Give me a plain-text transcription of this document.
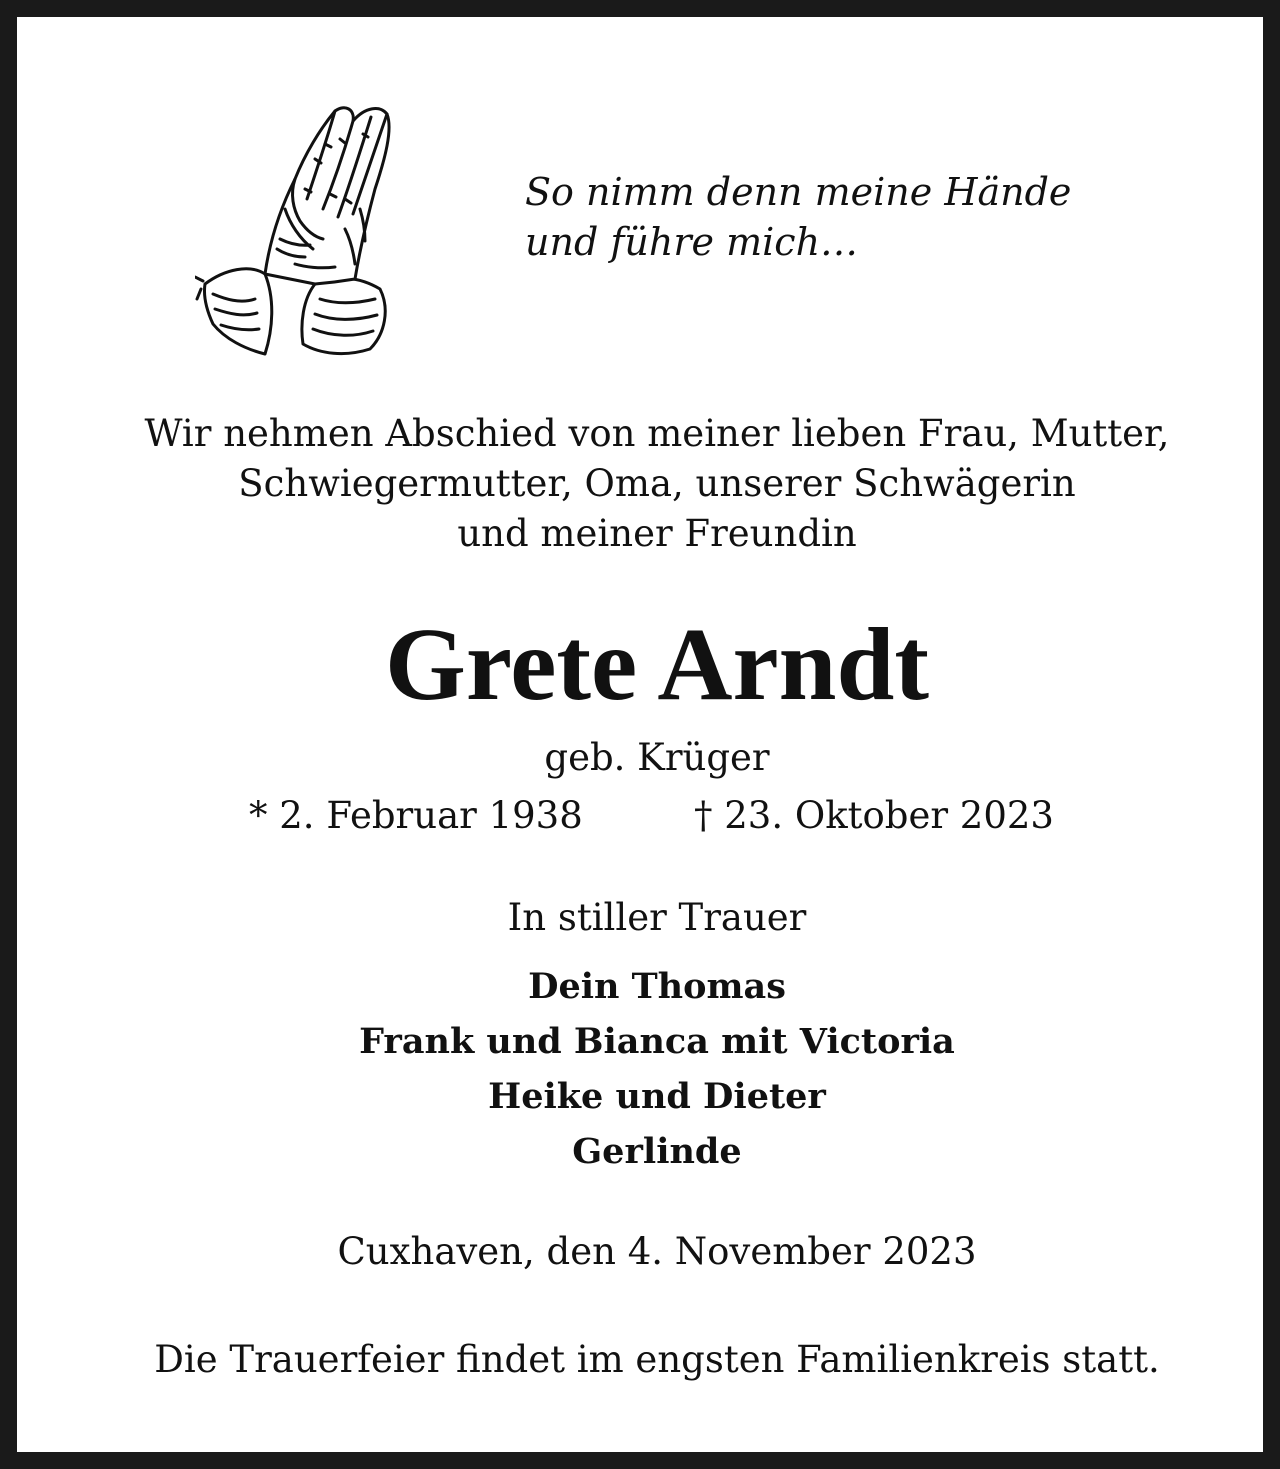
So nimm denn meine Hände
und führe mich…
Wir nehmen Abschied von meiner lieben Frau, Mutter,
Schwiegermutter, Oma, unserer Schwägerin
und meiner Freundin
Grete Arndt
geb. Krüger
* 2. Februar 1938	† 23. Oktober 2023
In stiller Trauer
Dein Thomas
Frank und Bianca mit Victoria
Heike und Dieter
Gerlinde
Cuxhaven, den 4. November 2023
Die Trauerfeier findet im engsten Familienkreis statt.
